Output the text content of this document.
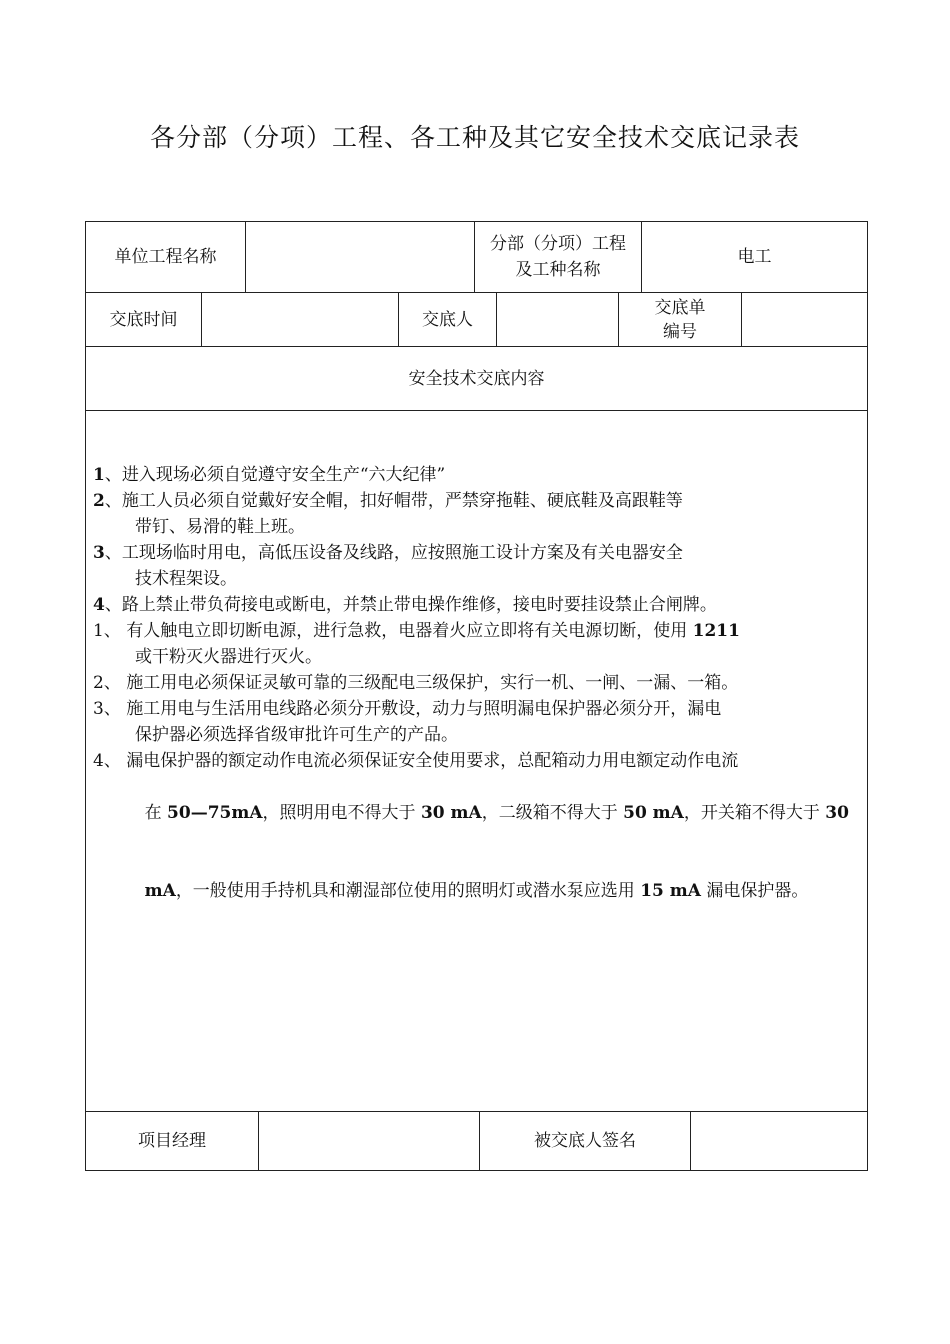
各分部（分项）工程、各工种及其它安全技术交底记录表
单位工程名称
分部（分项）工程
及工种名称
电工
交底时间	交底人
交底单
编号
安全技术交底内容
1、进入现场必须自觉遵守安全生产“六大纪律”
2、施工人员必须自觉戴好安全帽，扣好帽带，严禁穿拖鞋、硬底鞋及高跟鞋等
带钉、易滑的鞋上班。
3、工现场临时用电，高低压设备及线路，应按照施工设计方案及有关电器安全
技术程架设。
4、路上禁止带负荷接电或断电，并禁止带电操作维修，接电时要挂设禁止合闸牌。
1、 有人触电立即切断电源，进行急救，电器着火应立即将有关电源切断，使用 1211
或干粉灭火器进行灭火。
2、 施工用电必须保证灵敏可靠的三级配电三级保护，实行一机、一闸、一漏、一箱。
3、 施工用电与生活用电线路必须分开敷设，动力与照明漏电保护器必须分开，漏电
保护器必须选择省级审批许可生产的产品。
4、 漏电保护器的额定动作电流必须保证安全使用要求，总配箱动力用电额定动作电流

在 50—75mA，照明用电不得大于 30 mA，二级箱不得大于 50 mA，开关箱不得大于 30

mA，一般使用手持机具和潮湿部位使用的照明灯或潜水泵应选用 15 mA 漏电保护器。

项目经理	被交底人签名
